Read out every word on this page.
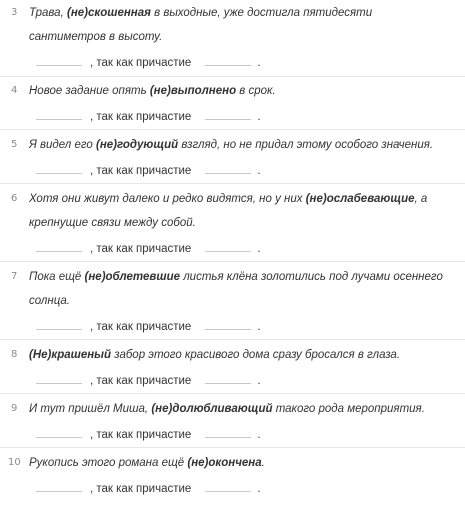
3 Трава, (не)скошенная в выходные, уже достигла пятидесяти
сантиметров в высоту.
, так как причастие	.
4 Новое задание опять (не)выполнено в срок.
, так как причастие	.
5 Я видел его (не)годующий взгляд, но не придал этому особого значения.
, так как причастие	.
6 Хотя они живут далеко и редко видятся, но у них (не)ослабевающие, а
крепнущие связи между собой.
, так как причастие	.
7 Пока ещё (не)облетевшие листья клёна золотились под лучами осеннего
солнца.
, так как причастие	.
8 (Не)крашеный забор этого красивого дома сразу бросался в глаза.
, так как причастие	.
9 И тут пришёл Миша, (не)долюбливающий такого рода мероприятия.
, так как причастие	.
10 Рукопись этого романа ещё (не)окончена.
, так как причастие	.
